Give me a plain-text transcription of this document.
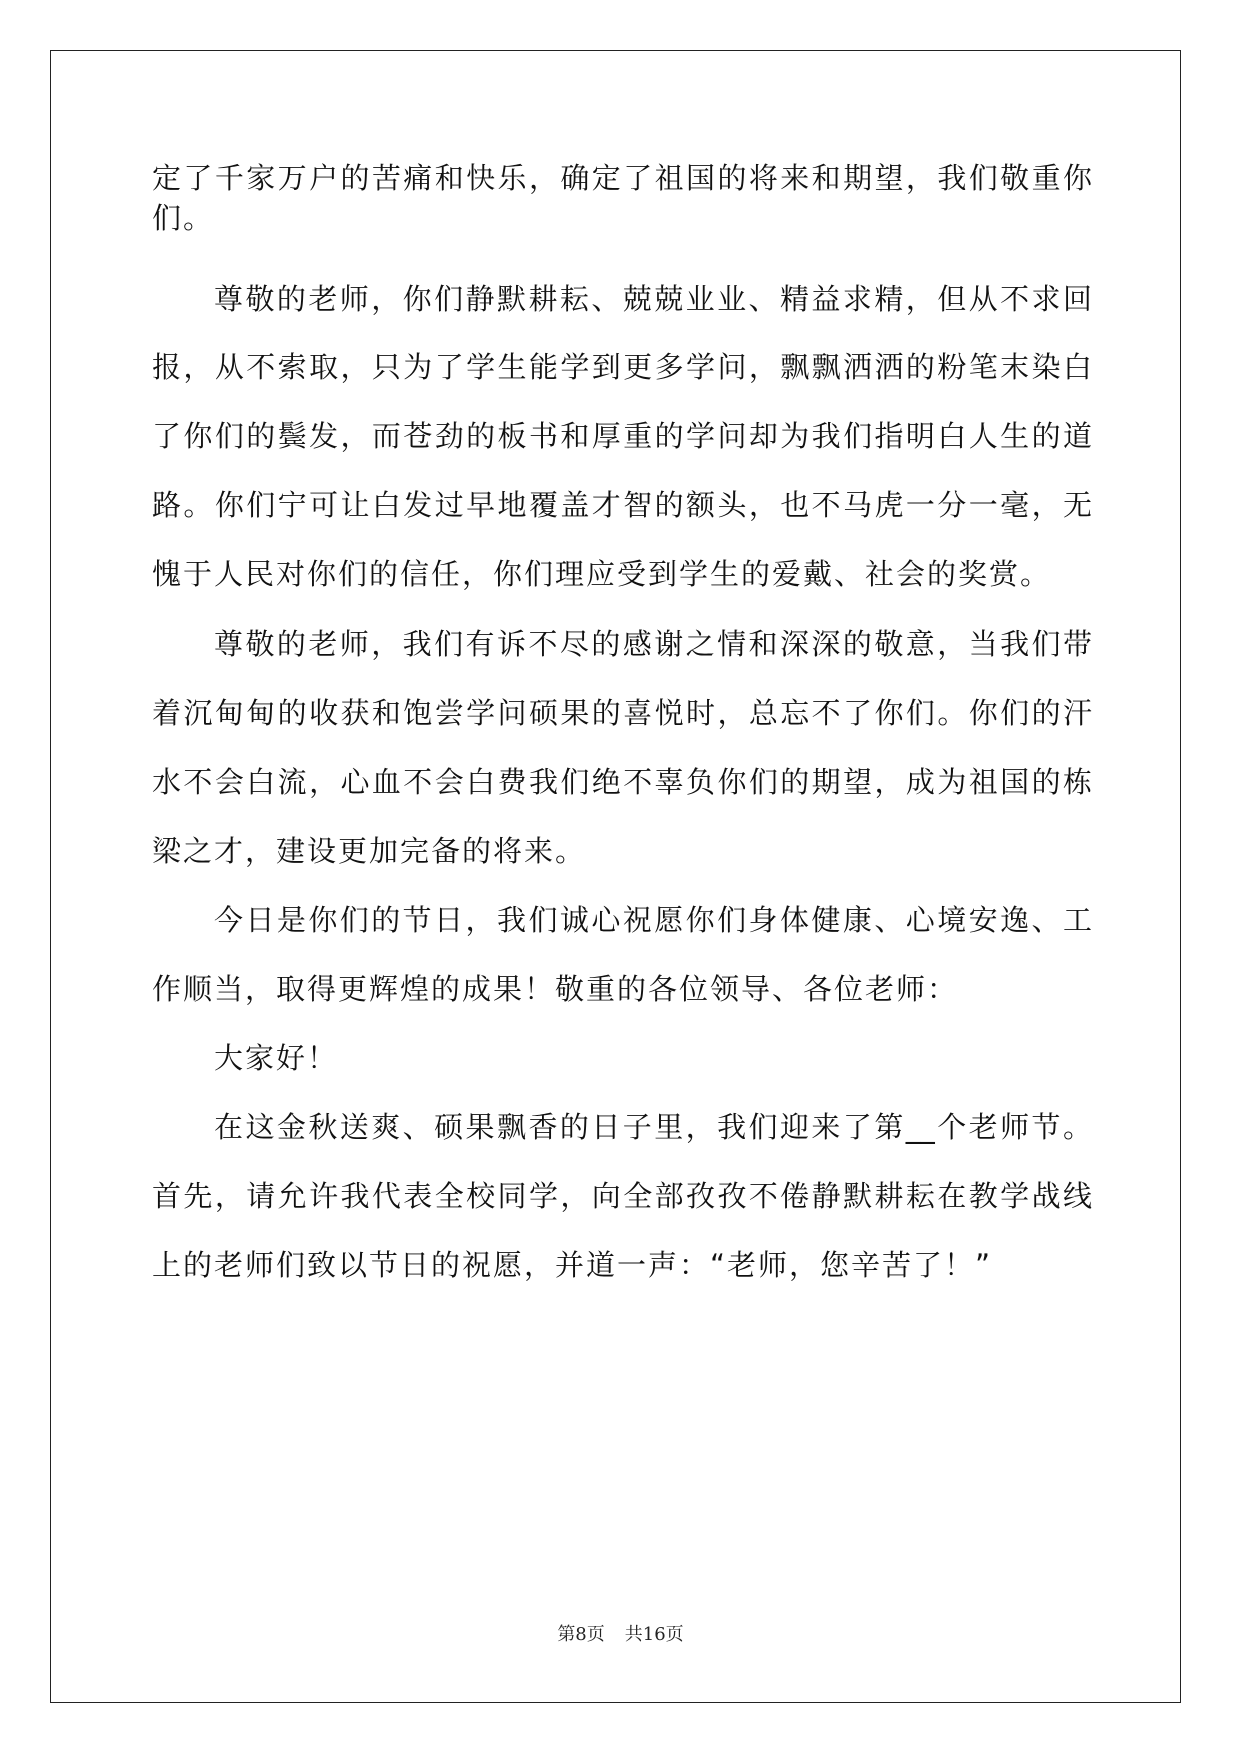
定了千家万户的苦痛和快乐，确定了祖国的将来和期望，我们敬重你
们。
尊敬的老师，你们静默耕耘、兢兢业业、精益求精，但从不求回
报，从不索取，只为了学生能学到更多学问，飘飘洒洒的粉笔末染白
了你们的鬓发，而苍劲的板书和厚重的学问却为我们指明白人生的道
路。你们宁可让白发过早地覆盖才智的额头，也不马虎一分一毫，无
愧于人民对你们的信任，你们理应受到学生的爱戴、社会的奖赏。
尊敬的老师，我们有诉不尽的感谢之情和深深的敬意，当我们带
着沉甸甸的收获和饱尝学问硕果的喜悦时，总忘不了你们。你们的汗
水不会白流，心血不会白费我们绝不辜负你们的期望，成为祖国的栋
梁之才，建设更加完备的将来。
今日是你们的节日，我们诚心祝愿你们身体健康、心境安逸、工
作顺当，取得更辉煌的成果！敬重的各位领导、各位老师：
大家好！
在这金秋送爽、硕果飘香的日子里，我们迎来了第__个老师节。
首先，请允许我代表全校同学，向全部孜孜不倦静默耕耘在教学战线
上的老师们致以节日的祝愿，并道一声：“老师，您辛苦了！”
第8页 共16页
